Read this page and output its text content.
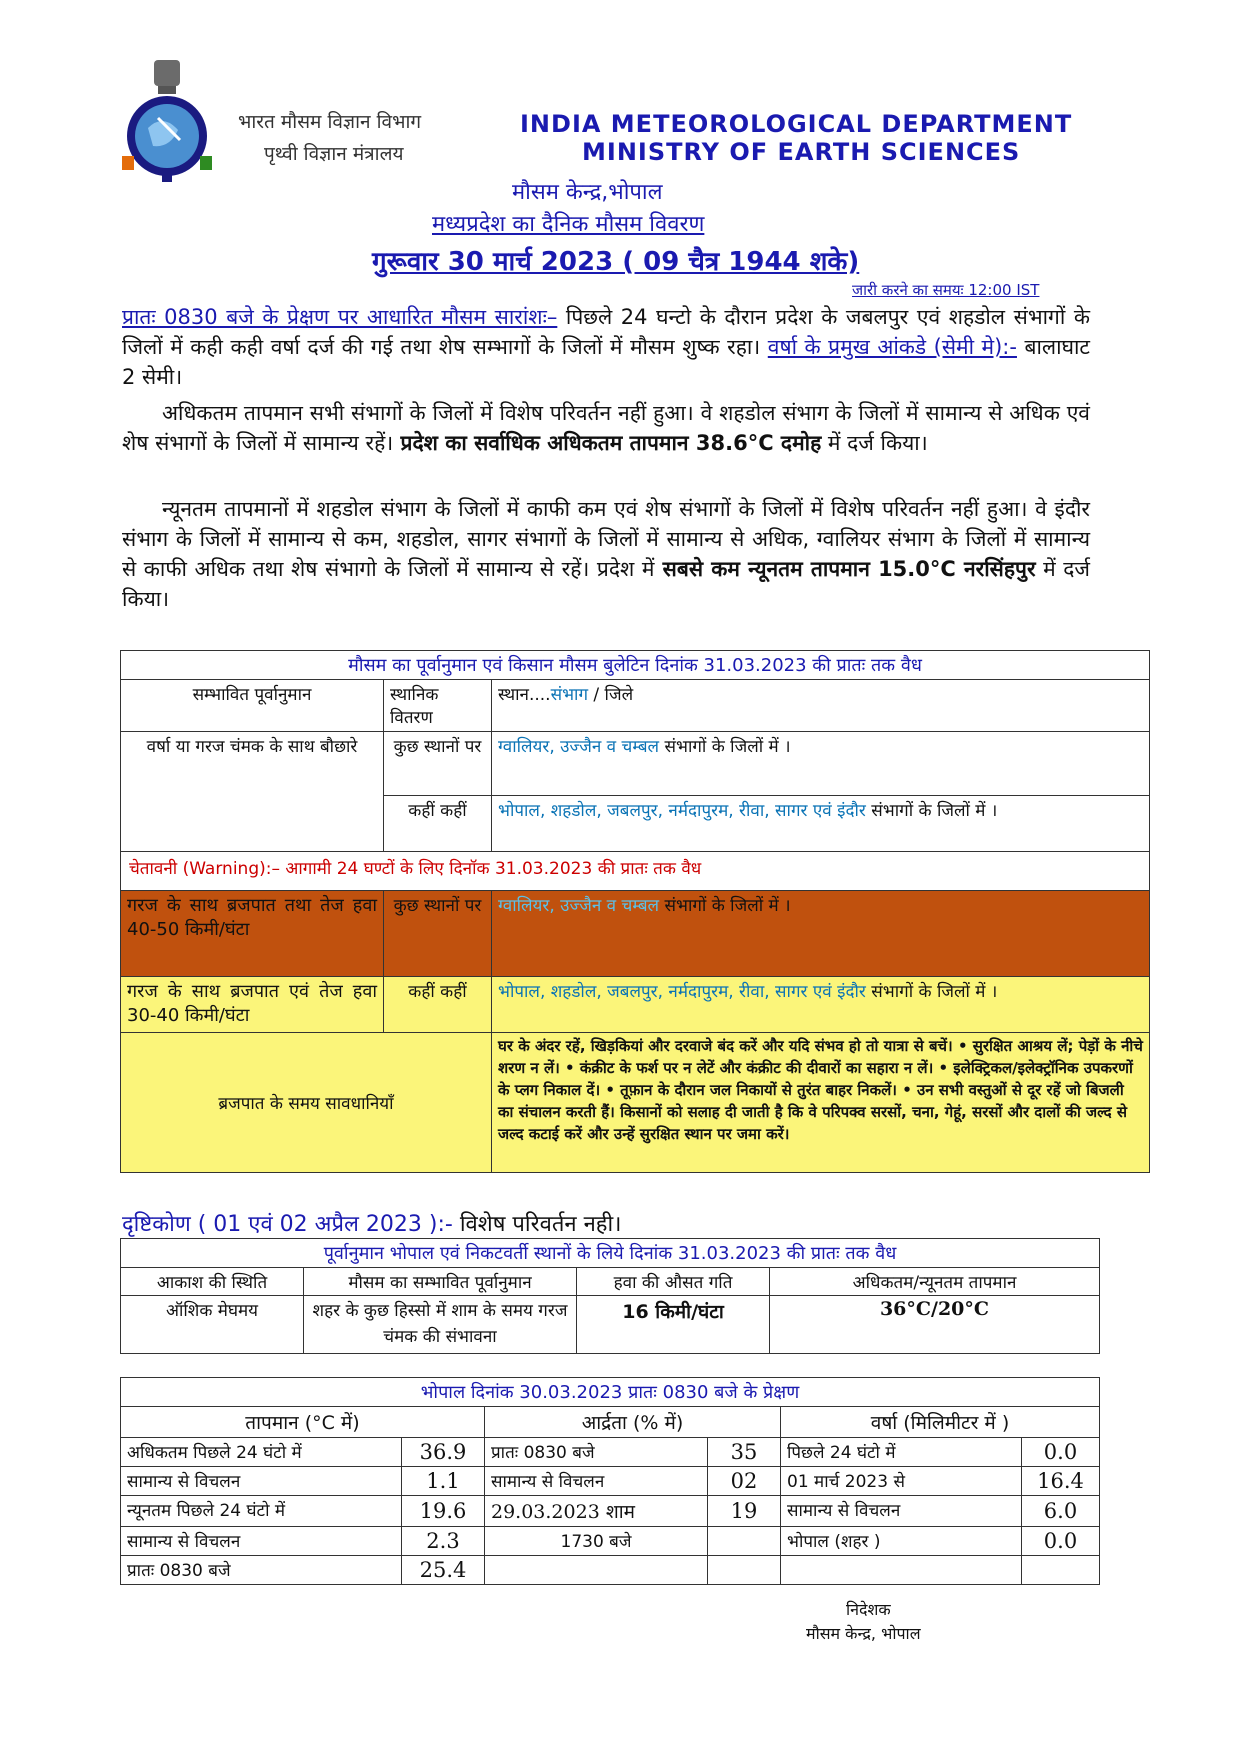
भारत मौसम विज्ञान विभाग
पृथ्वी विज्ञान मंत्रालय
INDIA METEOROLOGICAL DEPARTMENT
MINISTRY OF EARTH SCIENCES
मौसम केन्द्र,भोपाल
मध्यप्रदेश का दैनिक मौसम विवरण
गुरूवार 30 मार्च 2023 ( 09 चैत्र 1944 शके)
जारी करने का समयः 12:00 IST
प्रातः 0830 बजे के प्रेक्षण पर आधारित मौसम सारांशः– पिछले 24 घन्टो के दौरान प्रदेश के जबलपुर एवं शहडोल संभागों के जिलों में कही कही वर्षा दर्ज की गई तथा शेष सम्भागों के जिलों में मौसम शुष्क रहा। वर्षा के प्रमुख आंकडे (सेमी मे):- बालाघाट 2 सेमी।
अधिकतम तापमान सभी संभागों के जिलों में विशेष परिवर्तन नहीं हुआ। वे शहडोल संभाग के जिलों में सामान्य से अधिक एवं शेष संभागों के जिलों में सामान्य रहें। प्रदेश का सर्वाधिक अधिकतम तापमान 38.6°C दमोह में दर्ज किया।
न्यूनतम तापमानों में शहडोल संभाग के जिलों में काफी कम एवं शेष संभागों के जिलों में विशेष परिवर्तन नहीं हुआ। वे इंदौर संभाग के जिलों में सामान्य से कम, शहडोल, सागर संभागों के जिलों में सामान्य से अधिक, ग्वालियर संभाग के जिलों में सामान्य से काफी अधिक तथा शेष संभागो के जिलों में सामान्य से रहें। प्रदेश में सबसे कम न्यूनतम तापमान 15.0°C नरसिंहपुर में दर्ज किया।
मौसम का पूर्वानुमान एवं किसान मौसम बुलेटिन दिनांक 31.03.2023 की प्रातः तक वैध		
सम्भावित पूर्वानुमान	स्थानिक वितरण	स्थान....संभाग / जिले
वर्षा या गरज चंमक के साथ बौछारे	कुछ स्थानों पर	ग्वालियर, उज्जैन व चम्बल संभागों के जिलों में ।
	कहीं कहीं	भोपाल, शहडोल, जबलपुर, नर्मदापुरम, रीवा, सागर एवं इंदौर संभागों के जिलों में ।
चेतावनी (Warning):– आगामी 24 घण्टों के लिए दिनॉक 31.03.2023 की प्रातः तक वैध		
गरज के साथ ब्रजपात तथा तेज हवा 40-50 किमी/घंटा	कुछ स्थानों पर	ग्वालियर, उज्जैन व चम्बल संभागों के जिलों में ।
गरज के साथ ब्रजपात एवं तेज हवा 30-40 किमी/घंटा	कहीं कहीं	भोपाल, शहडोल, जबलपुर, नर्मदापुरम, रीवा, सागर एवं इंदौर संभागों के जिलों में ।
ब्रजपात के समय सावधानियॉं		घर के अंदर रहें, खिड़कियां और दरवाजे बंद करें और यदि संभव हो तो यात्रा से बचें। • सुरक्षित आश्रय लें; पेड़ों के नीचे शरण न लें। • कंक्रीट के फर्श पर न लेटें और कंक्रीट की दीवारों का सहारा न लें। • इलेक्ट्रिकल/इलेक्ट्रॉनिक उपकरणों के प्लग निकाल दें। • तूफ़ान के दौरान जल निकायों से तुरंत बाहर निकलें। • उन सभी वस्तुओं से दूर रहें जो बिजली का संचालन करती हैं। किसानों को सलाह दी जाती है कि वे परिपक्व सरसों, चना, गेहूं, सरसों और दालों की जल्द से जल्द कटाई करें और उन्हें सुरक्षित स्थान पर जमा करें।
दृष्टिकोण ( 01 एवं 02 अप्रैल 2023 ):- विशेष परिवर्तन नही।
पूर्वानुमान भोपाल एवं निकटवर्ती स्थानों के लिये दिनांक 31.03.2023 की प्रातः तक वैध			
आकाश की स्थिति	मौसम का सम्भावित पूर्वानुमान	हवा की औसत गति	अधिकतम/न्यूनतम तापमान
ऑशिक मेघमय	शहर के कुछ हिस्सो में शाम के समय गरज चंमक की संभावना	16 किमी/घंटा	36°C/20°C
भोपाल दिनांक 30.03.2023 प्रातः 0830 बजे के प्रेक्षण					
तापमान (°C में)		आर्द्रता (% में)		वर्षा (मिलिमीटर में )	
अधिकतम पिछले 24 घंटो में	36.9	प्रातः 0830 बजे	35	पिछले 24 घंटो में	0.0
सामान्य से विचलन	1.1	सामान्य से विचलन	02	01 मार्च 2023 से	16.4
न्यूनतम पिछले 24 घंटो में	19.6	29.03.2023 शाम	19	सामान्य से विचलन	6.0
सामान्य से विचलन	2.3	1730 बजे		भोपाल (शहर )	0.0
प्रातः 0830 बजे	25.4				
निदेशक
मौसम केन्द्र, भोपाल
